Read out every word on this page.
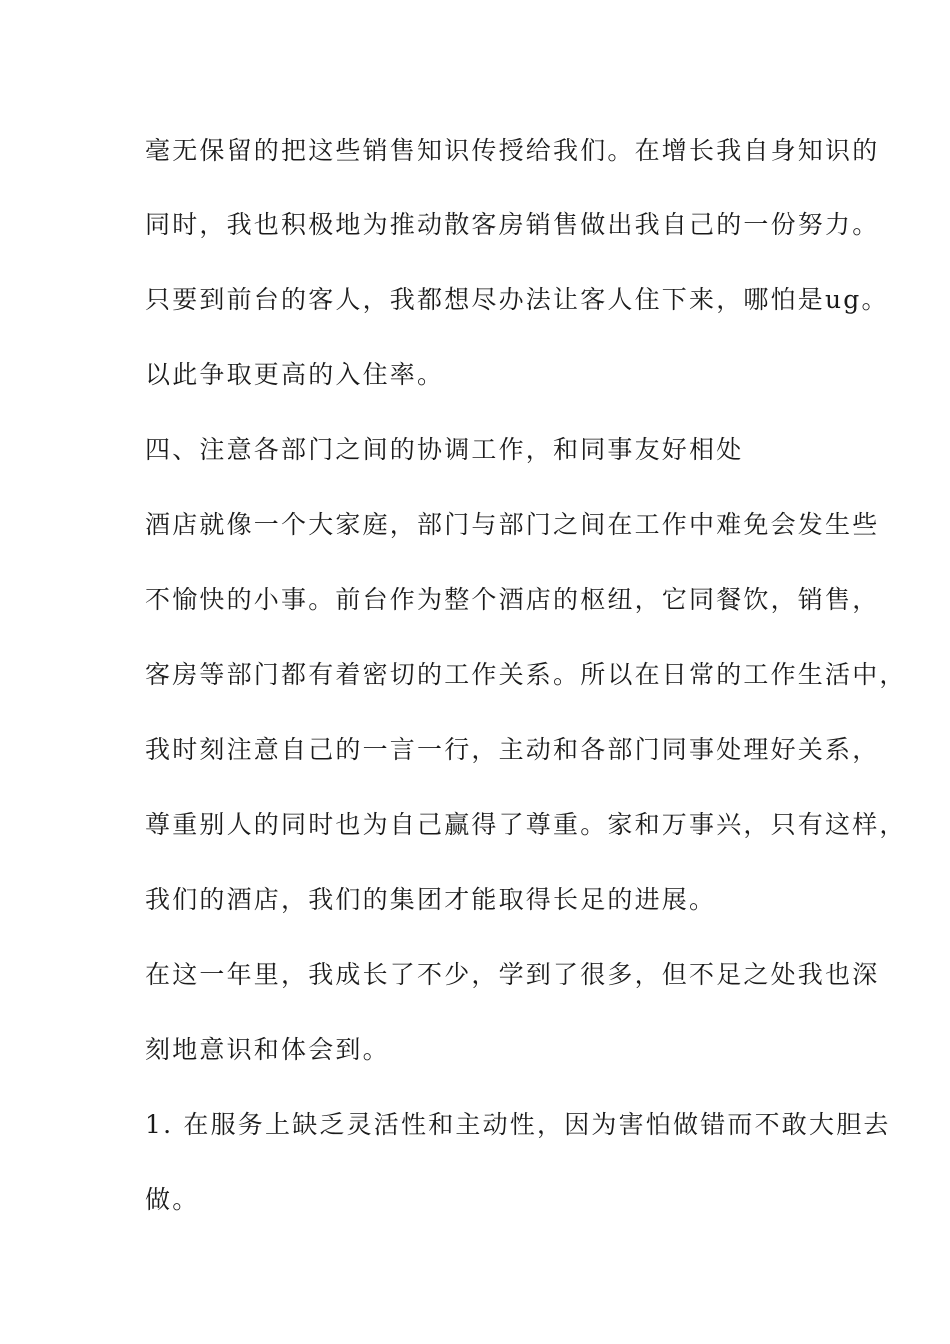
毫无保留的把这些销售知识传授给我们。在增长我自身知识的

同时，我也积极地为推动散客房销售做出我自己的一份努力。

只要到前台的客人，我都想尽办法让客人住下来，哪怕是ug。

以此争取更高的入住率。

四、注意各部门之间的协调工作，和同事友好相处

酒店就像一个大家庭，部门与部门之间在工作中难免会发生些

不愉快的小事。前台作为整个酒店的枢纽，它同餐饮，销售，

客房等部门都有着密切的工作关系。所以在日常的工作生活中，

我时刻注意自己的一言一行，主动和各部门同事处理好关系，

尊重别人的同时也为自己赢得了尊重。家和万事兴，只有这样，

我们的酒店，我们的集团才能取得长足的进展。

在这一年里，我成长了不少，学到了很多，但不足之处我也深

刻地意识和体会到。

1. 在服务上缺乏灵活性和主动性，因为害怕做错而不敢大胆去

做。
